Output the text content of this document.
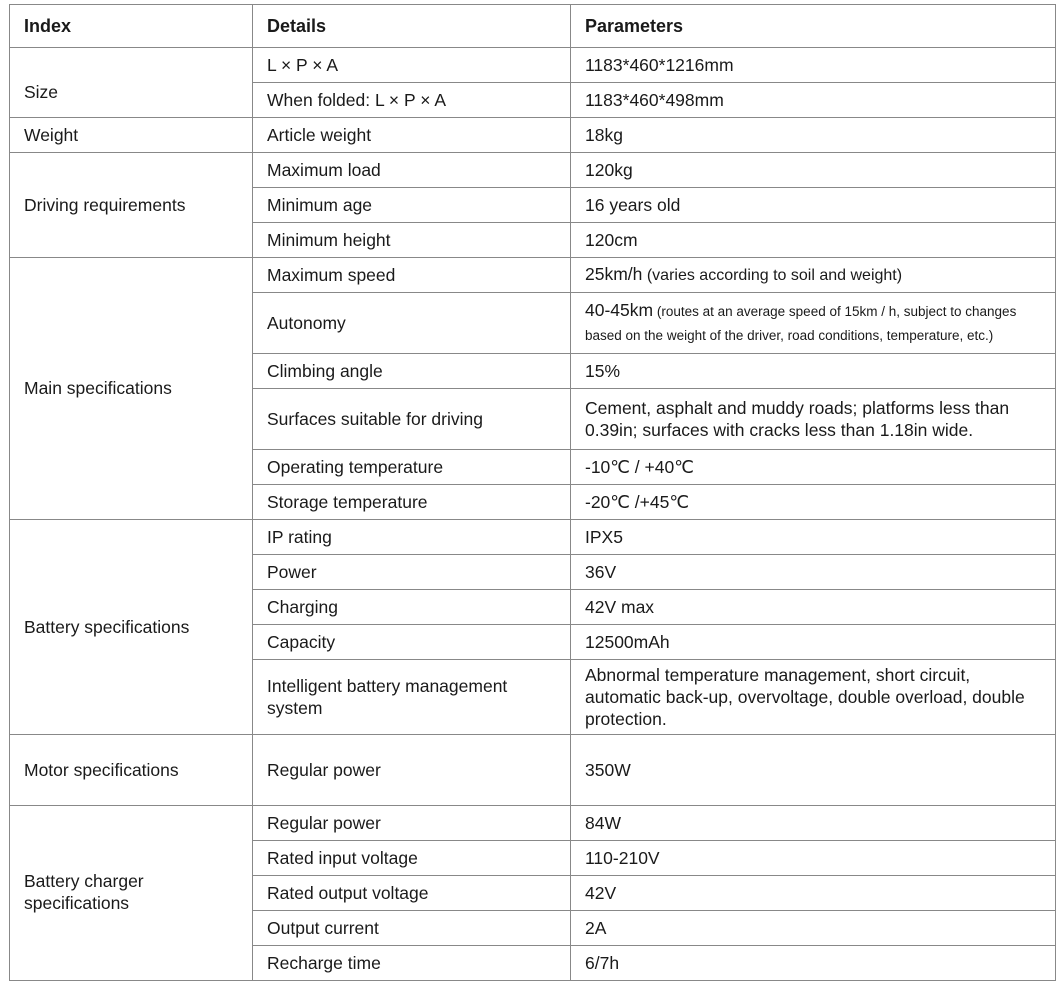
Index	Details	Parameters
Size	L × P × A	1183*460*1216mm
	When folded: L × P × A	1183*460*498mm
Weight	Article weight	18kg
Driving requirements	Maximum load	120kg
	Minimum age	16 years old
	Minimum height	120cm
Main specifications	Maximum speed	25km/h (varies according to soil and weight)
	Autonomy	40-45km (routes at an average speed of 15km / h, subject to changes based on the weight of the driver, road conditions, temperature, etc.)
	Climbing angle	15%
	Surfaces suitable for driving	Cement, asphalt and muddy roads; platforms less than 0.39in; surfaces with cracks less than 1.18in wide.
	Operating temperature	-10℃ / +40℃
	Storage temperature	-20℃ /+45℃
Battery specifications	IP rating	IPX5
	Power	36V
	Charging	42V max
	Capacity	12500mAh
	Intelligent battery management system	Abnormal temperature management, short circuit, automatic back-up, overvoltage, double overload, double protection.
Motor specifications	Regular power	350W
Battery charger specifications	Regular power	84W
	Rated input voltage	110-210V
	Rated output voltage	42V
	Output current	2A
	Recharge time	6/7h
